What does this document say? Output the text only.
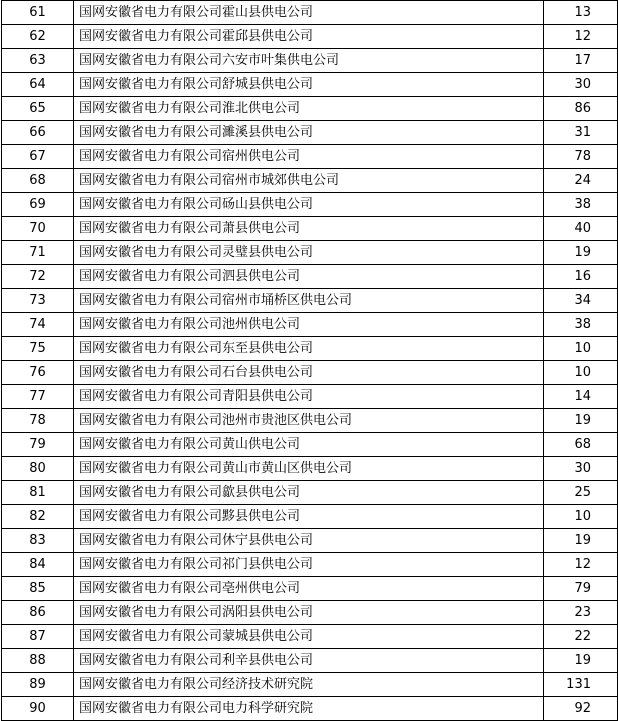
61	国网安徽省电力有限公司霍山县供电公司	13
62	国网安徽省电力有限公司霍邱县供电公司	12
63	国网安徽省电力有限公司六安市叶集供电公司	17
64	国网安徽省电力有限公司舒城县供电公司	30
65	国网安徽省电力有限公司淮北供电公司	86
66	国网安徽省电力有限公司濉溪县供电公司	31
67	国网安徽省电力有限公司宿州供电公司	78
68	国网安徽省电力有限公司宿州市城郊供电公司	24
69	国网安徽省电力有限公司砀山县供电公司	38
70	国网安徽省电力有限公司萧县供电公司	40
71	国网安徽省电力有限公司灵璧县供电公司	19
72	国网安徽省电力有限公司泗县供电公司	16
73	国网安徽省电力有限公司宿州市埇桥区供电公司	34
74	国网安徽省电力有限公司池州供电公司	38
75	国网安徽省电力有限公司东至县供电公司	10
76	国网安徽省电力有限公司石台县供电公司	10
77	国网安徽省电力有限公司青阳县供电公司	14
78	国网安徽省电力有限公司池州市贵池区供电公司	19
79	国网安徽省电力有限公司黄山供电公司	68
80	国网安徽省电力有限公司黄山市黄山区供电公司	30
81	国网安徽省电力有限公司歙县供电公司	25
82	国网安徽省电力有限公司黟县供电公司	10
83	国网安徽省电力有限公司休宁县供电公司	19
84	国网安徽省电力有限公司祁门县供电公司	12
85	国网安徽省电力有限公司亳州供电公司	79
86	国网安徽省电力有限公司涡阳县供电公司	23
87	国网安徽省电力有限公司蒙城县供电公司	22
88	国网安徽省电力有限公司利辛县供电公司	19
89	国网安徽省电力有限公司经济技术研究院	131
90	国网安徽省电力有限公司电力科学研究院	92
